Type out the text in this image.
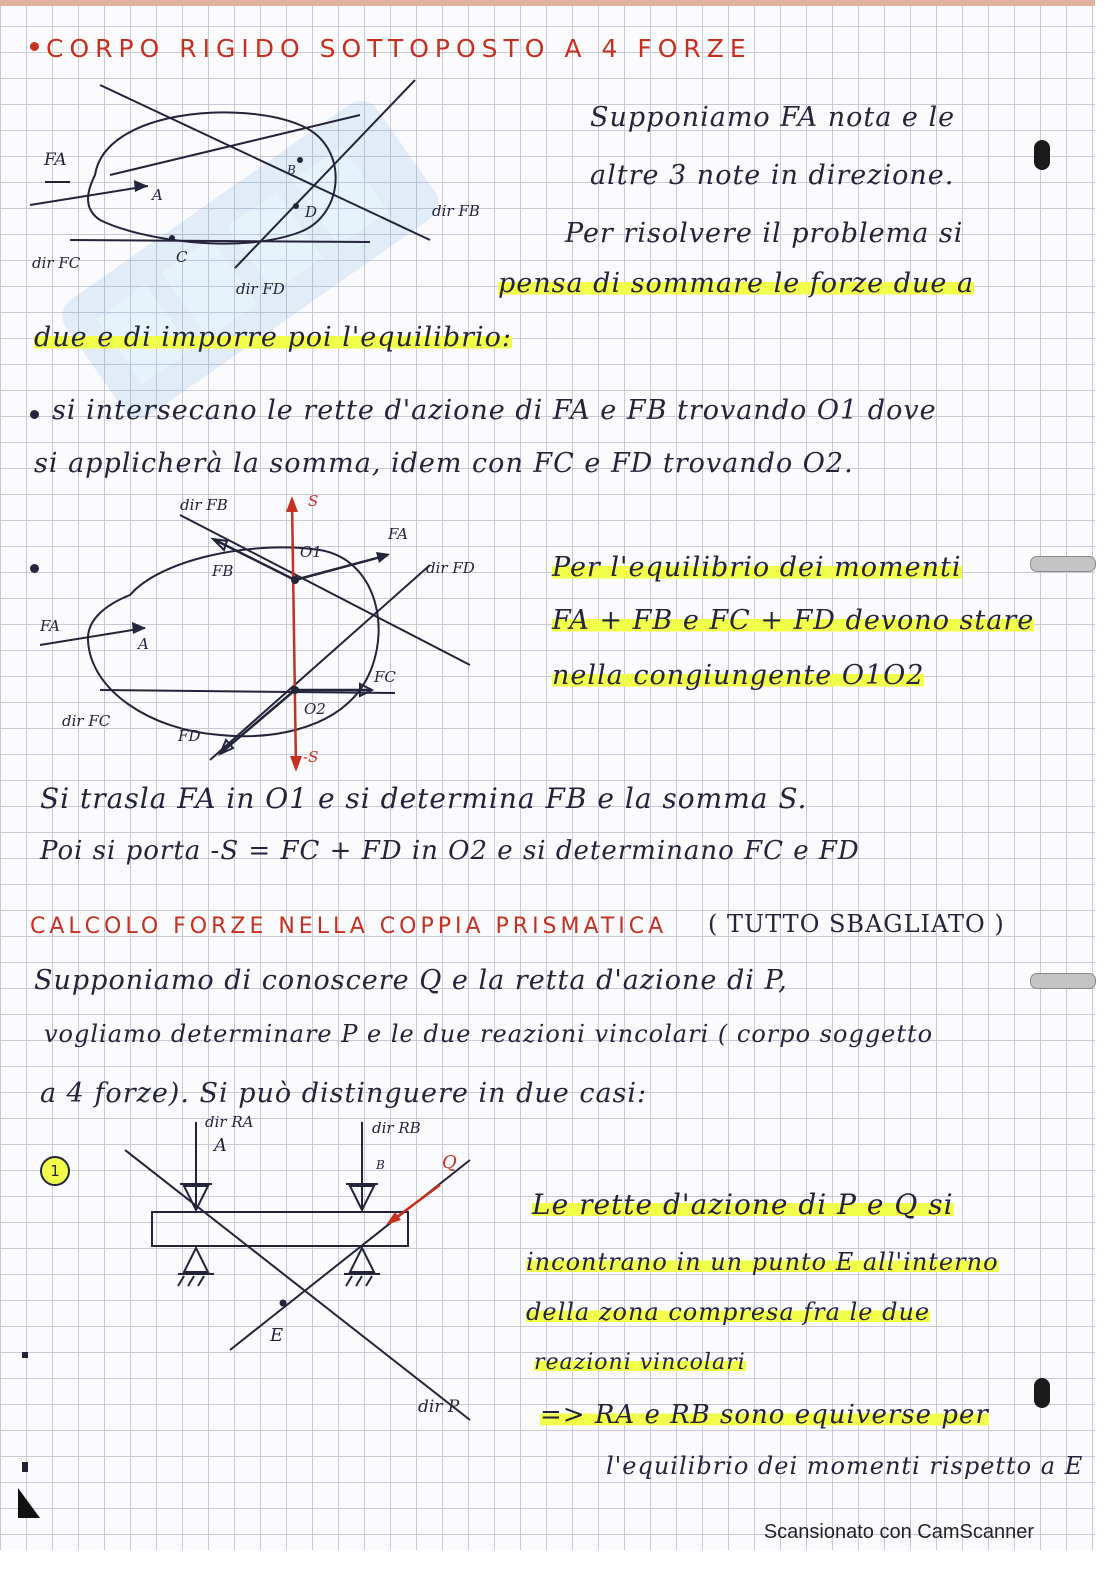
CORPO RIGIDO SOTTOPOSTO A 4 FORZE
FA
A
B
D
C
dir FB
dir FC
dir FD
Supponiamo FA nota e le
altre 3 note in direzione.
Per risolvere il problema si
pensa di sommare le forze due a
due e di imporre poi l'equilibrio:
si intersecano le rette d'azione di FA e FB trovando O1 dove
si applicherà la somma, idem con FC e FD trovando O2.
dir FB	S
FA
O1
dir FD
FB
FA
A
FC
O2
dir FC
FD
-S
Per l'equilibrio dei momenti
FA + FB e FC + FD devono stare
nella congiungente O1O2
Si trasla FA in O1 e si determina FB e la somma S.
Poi si porta -S = FC + FD in O2 e si determinano FC e FD
CALCOLO FORZE NELLA COPPIA PRISMATICA ( TUTTO SBAGLIATO )
Supponiamo di conoscere Q e la retta d'azione di P,
vogliamo determinare P e le due reazioni vincolari ( corpo soggetto
a 4 forze). Si può distinguere in due casi:
1
dir RA
A
dir RB
B	Q
E
dir P
Le rette d'azione di P e Q si
incontrano in un punto E all'interno
della zona compresa fra le due
reazioni vincolari
=> RA e RB sono equiverse per
l'equilibrio dei momenti rispetto a E
Scansionato con CamScanner
